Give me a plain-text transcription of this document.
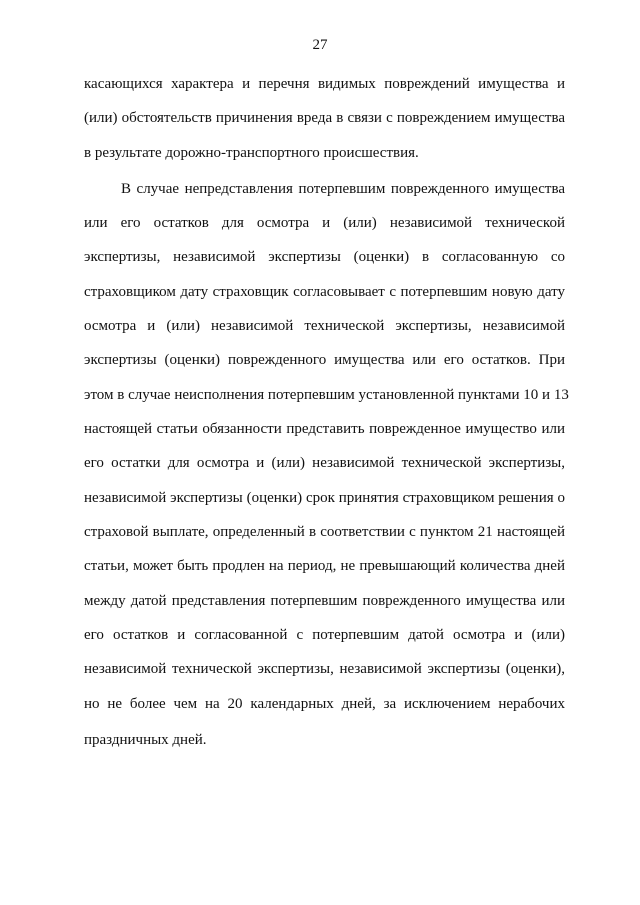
27
касающихся характера и перечня видимых повреждений имущества и
(или) обстоятельств причинения вреда в связи с повреждением имущества
в результате дорожно-транспортного происшествия.
В случае непредставления потерпевшим поврежденного имущества
или его остатков для осмотра и (или) независимой технической
экспертизы, независимой экспертизы (оценки) в согласованную со
страховщиком дату страховщик согласовывает с потерпевшим новую дату
осмотра и (или) независимой технической экспертизы, независимой
экспертизы (оценки) поврежденного имущества или его остатков. При
этом в случае неисполнения потерпевшим установленной пунктами 10 и 13
настоящей статьи обязанности представить поврежденное имущество или
его остатки для осмотра и (или) независимой технической экспертизы,
независимой экспертизы (оценки) срок принятия страховщиком решения о
страховой выплате, определенный в соответствии с пунктом 21 настоящей
статьи, может быть продлен на период, не превышающий количества дней
между датой представления потерпевшим поврежденного имущества или
его остатков и согласованной с потерпевшим датой осмотра и (или)
независимой технической экспертизы, независимой экспертизы (оценки),
но не более чем на 20 календарных дней, за исключением нерабочих
праздничных дней.
